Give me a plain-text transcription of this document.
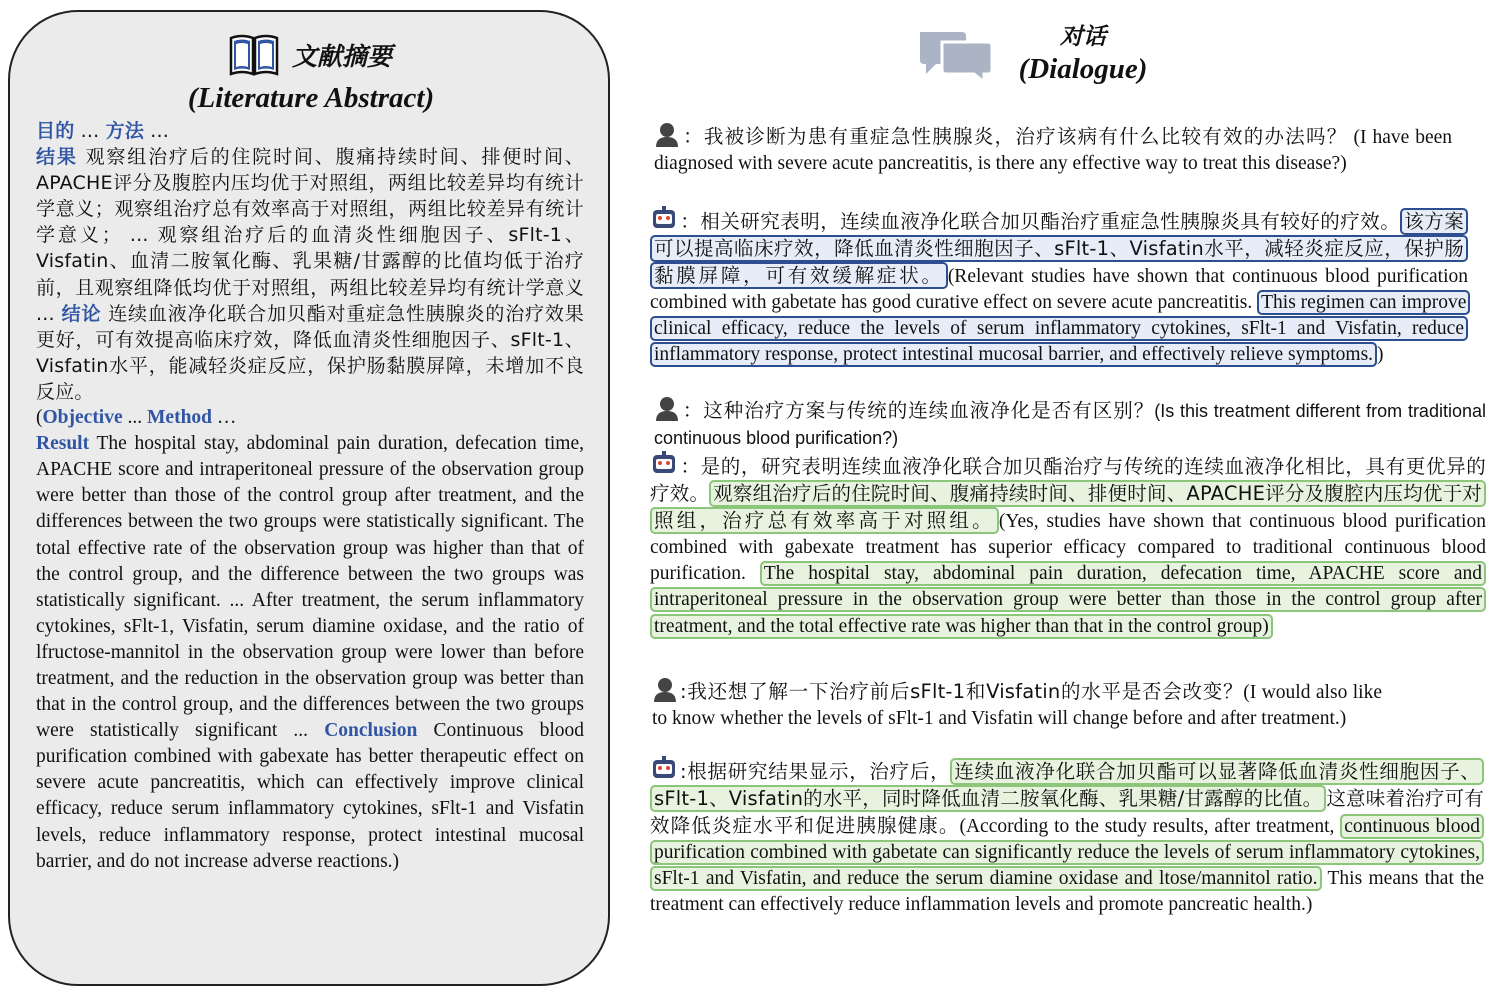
文献摘要
(Literature Abstract)

目的 ... 方法 ...
结果 观察组治疗后的住院时间、腹痛持续时间、排便时间、APACHE评分及腹腔内压均优于对照组，两组比较差异均有统计学意义；观察组治疗总有效率高于对照组，两组比较差异有统计学意义； ... 观察组治疗后的血清炎性细胞因子、sFlt-1、Visfatin、血清二胺氧化酶、乳果糖/甘露醇的比值均低于治疗前，且观察组降低均优于对照组，两组比较差异均有统计学意义 ... 结论 连续血液净化联合加贝酯对重症急性胰腺炎的治疗效果更好，可有效提高临床疗效，降低血清炎性细胞因子、sFlt-1、Visfatin水平，能减轻炎症反应，保护肠黏膜屏障，未增加不良反应。

(Objective ... Method …

Result The hospital stay, abdominal pain duration, defecation time, APACHE score and intraperitoneal pressure of the observation group were better than those of the control group after treatment, and the differences between the two groups were statistically significant. The total effective rate of the observation group was higher than that of the control group, and the difference between the two groups was statistically significant. ... After treatment, the serum inflammatory cytokines, sFlt-1, Visfatin, serum diamine oxidase, and the ratio of lfructose-mannitol in the observation group were lower than before treatment, and the reduction in the observation group was better than that in the control group, and the differences between the two groups were statistically significant ... Conclusion Continuous blood purification combined with gabexate has better therapeutic effect on severe acute pancreatitis, which can effectively improve clinical efficacy, reduce serum inflammatory cytokines, sFlt-1 and Visfatin levels, reduce inflammatory response, protect intestinal mucosal barrier, and do not increase adverse reactions.)

对话
(Dialogue)
：我被诊断为患有重症急性胰腺炎，治疗该病有什么比较有效的办法吗？ (I have been diagnosed with severe acute pancreatitis, is there any effective way to treat this disease?)
：相关研究表明，连续血液净化联合加贝酯治疗重症急性胰腺炎具有较好的疗效。 该方案可以提高临床疗效，降低血清炎性细胞因子、sFlt-1、Visfatin水平，减轻炎症反应，保护肠黏膜屏障，可有效缓解症状。 (Relevant studies have shown that continuous blood purification combined with gabetate has good curative effect on severe acute pancreatitis. This regimen can improve clinical efficacy, reduce the levels of serum inflammatory cytokines, sFlt-1 and Visfatin, reduce inflammatory response, protect intestinal mucosal barrier, and effectively relieve symptoms. )
：这种治疗方案与传统的连续血液净化是否有区别？(Is this treatment different from traditional continuous blood purification?)
：是的，研究表明连续血液净化联合加贝酯治疗与传统的连续血液净化相比，具有更优异的疗效。 观察组治疗后的住院时间、腹痛持续时间、排便时间、APACHE评分及腹腔内压均优于对照组，治疗总有效率高于对照组。 (Yes, studies have shown that continuous blood purification combined with gabexate treatment has superior efficacy compared to traditional continuous blood purification. The hospital stay, abdominal pain duration, defecation time, APACHE score and intraperitoneal pressure in the observation group were better than those in the control group after treatment, and the total effective rate was higher than that in the control group)
:我还想了解一下治疗前后sFlt-1和Visfatin的水平是否会改变？(I would also like to know whether the levels of sFlt-1 and Visfatin will change before and after treatment.)
:根据研究结果显示，治疗后， 连续血液净化联合加贝酯可以显著降低血清炎性细胞因子、sFlt-1、Visfatin的水平，同时降低血清二胺氧化酶、乳果糖/甘露醇的比值。 这意味着治疗可有效降低炎症水平和促进胰腺健康。(According to the study results, after treatment, continuous blood purification combined with gabetate can significantly reduce the levels of serum inflammatory cytokines, sFlt-1 and Visfatin, and reduce the serum diamine oxidase and ltose/mannitol ratio. This means that the treatment can effectively reduce inflammation levels and promote pancreatic health.)
